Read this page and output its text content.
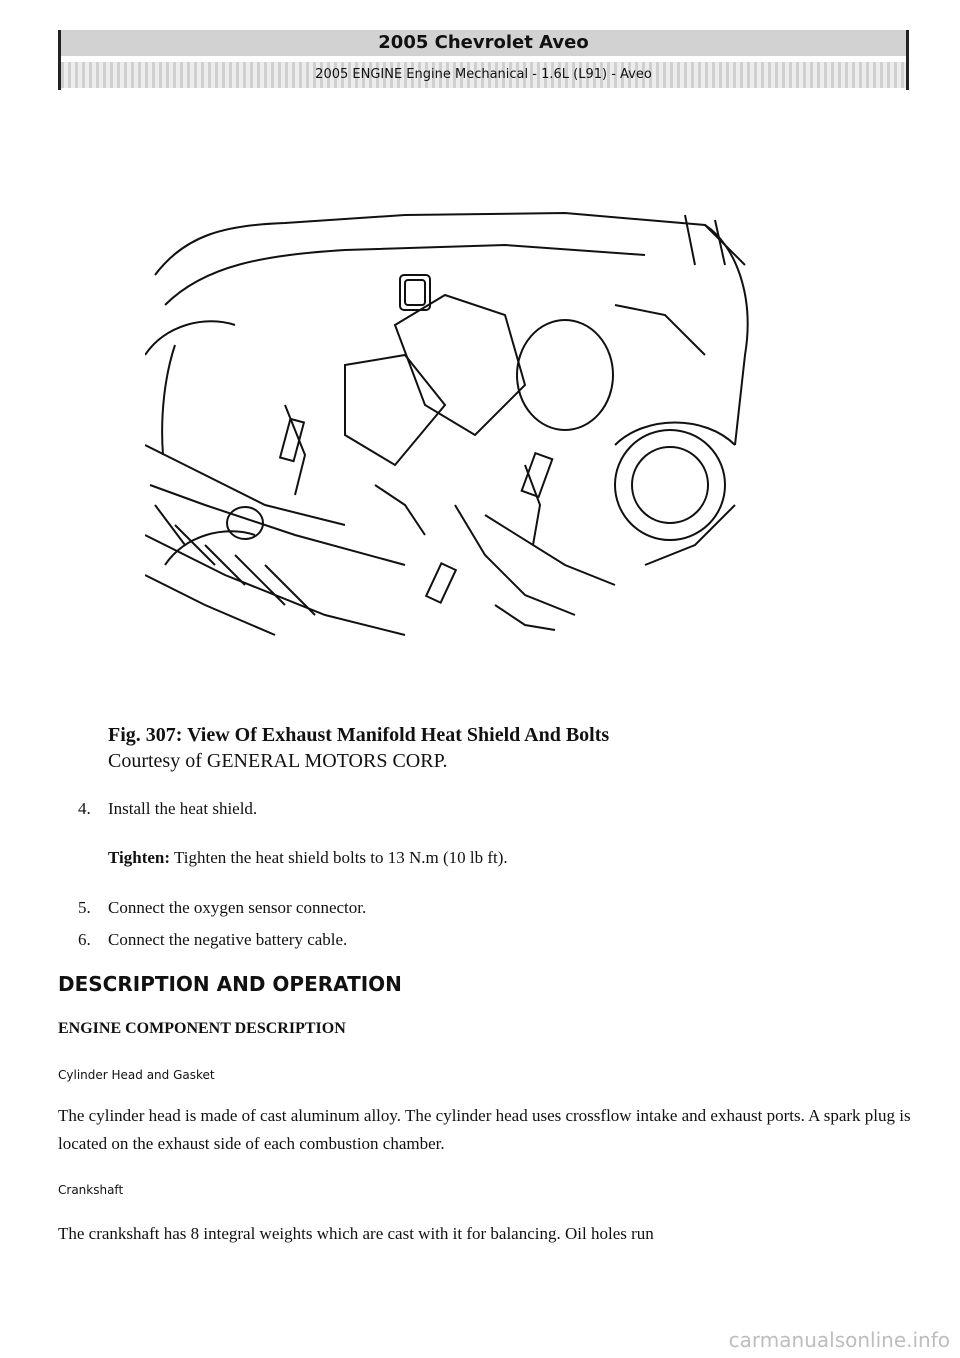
2005 Chevrolet Aveo
2005 ENGINE Engine Mechanical - 1.6L (L91) - Aveo
Fig. 307: View Of Exhaust Manifold Heat Shield And Bolts
Courtesy of GENERAL MOTORS CORP.
4. Install the heat shield.
Tighten: Tighten the heat shield bolts to 13 N.m (10 lb ft).
5. Connect the oxygen sensor connector.
6. Connect the negative battery cable.
DESCRIPTION AND OPERATION
ENGINE COMPONENT DESCRIPTION
Cylinder Head and Gasket
The cylinder head is made of cast aluminum alloy. The cylinder head uses crossflow intake and exhaust ports. A spark plug is located on the exhaust side of each combustion chamber.
Crankshaft
The crankshaft has 8 integral weights which are cast with it for balancing. Oil holes run
carmanualsonline.info
